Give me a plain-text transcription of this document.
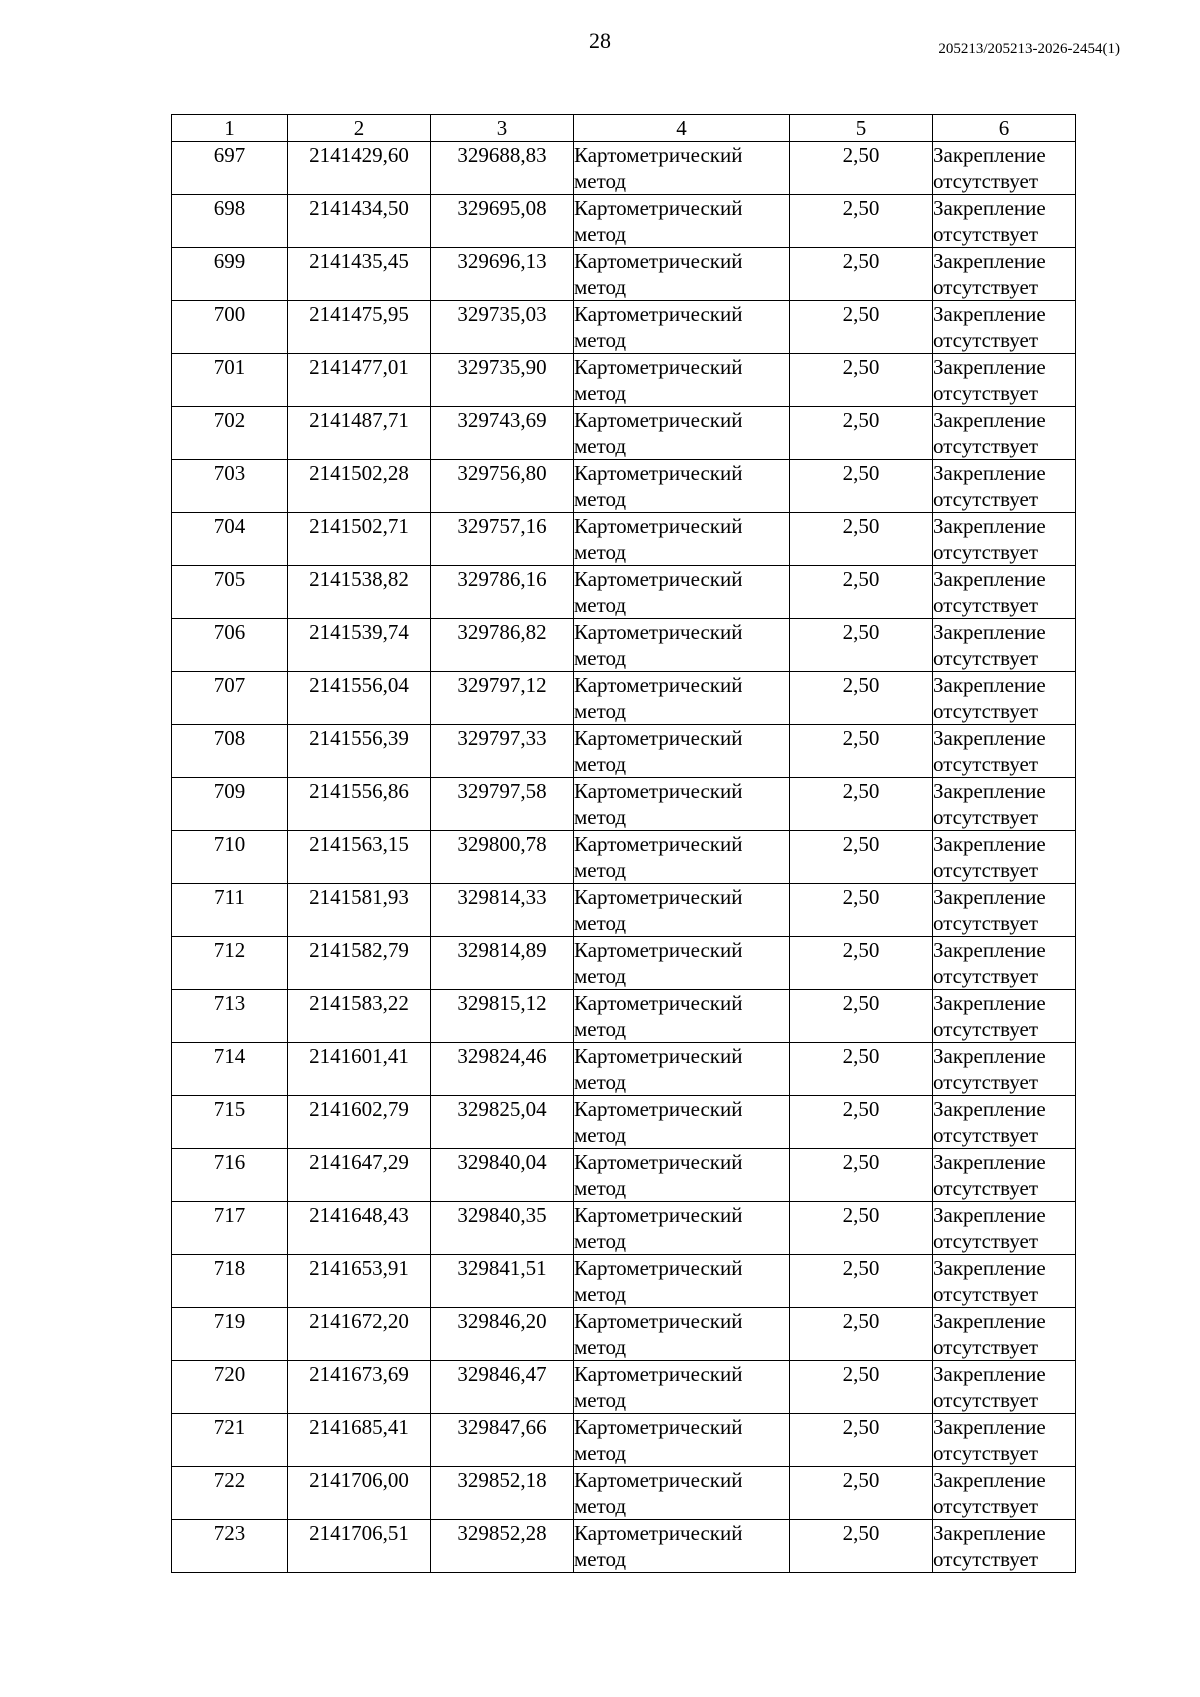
28	205213/205213-2026-2454(1)
1	2	3	4	5	6
697	2141429,60	329688,83	Картометрический метод	2,50	Закрепление отсутствует
698	2141434,50	329695,08	Картометрический метод	2,50	Закрепление отсутствует
699	2141435,45	329696,13	Картометрический метод	2,50	Закрепление отсутствует
700	2141475,95	329735,03	Картометрический метод	2,50	Закрепление отсутствует
701	2141477,01	329735,90	Картометрический метод	2,50	Закрепление отсутствует
702	2141487,71	329743,69	Картометрический метод	2,50	Закрепление отсутствует
703	2141502,28	329756,80	Картометрический метод	2,50	Закрепление отсутствует
704	2141502,71	329757,16	Картометрический метод	2,50	Закрепление отсутствует
705	2141538,82	329786,16	Картометрический метод	2,50	Закрепление отсутствует
706	2141539,74	329786,82	Картометрический метод	2,50	Закрепление отсутствует
707	2141556,04	329797,12	Картометрический метод	2,50	Закрепление отсутствует
708	2141556,39	329797,33	Картометрический метод	2,50	Закрепление отсутствует
709	2141556,86	329797,58	Картометрический метод	2,50	Закрепление отсутствует
710	2141563,15	329800,78	Картометрический метод	2,50	Закрепление отсутствует
711	2141581,93	329814,33	Картометрический метод	2,50	Закрепление отсутствует
712	2141582,79	329814,89	Картометрический метод	2,50	Закрепление отсутствует
713	2141583,22	329815,12	Картометрический метод	2,50	Закрепление отсутствует
714	2141601,41	329824,46	Картометрический метод	2,50	Закрепление отсутствует
715	2141602,79	329825,04	Картометрический метод	2,50	Закрепление отсутствует
716	2141647,29	329840,04	Картометрический метод	2,50	Закрепление отсутствует
717	2141648,43	329840,35	Картометрический метод	2,50	Закрепление отсутствует
718	2141653,91	329841,51	Картометрический метод	2,50	Закрепление отсутствует
719	2141672,20	329846,20	Картометрический метод	2,50	Закрепление отсутствует
720	2141673,69	329846,47	Картометрический метод	2,50	Закрепление отсутствует
721	2141685,41	329847,66	Картометрический метод	2,50	Закрепление отсутствует
722	2141706,00	329852,18	Картометрический метод	2,50	Закрепление отсутствует
723	2141706,51	329852,28	Картометрический метод	2,50	Закрепление отсутствует
